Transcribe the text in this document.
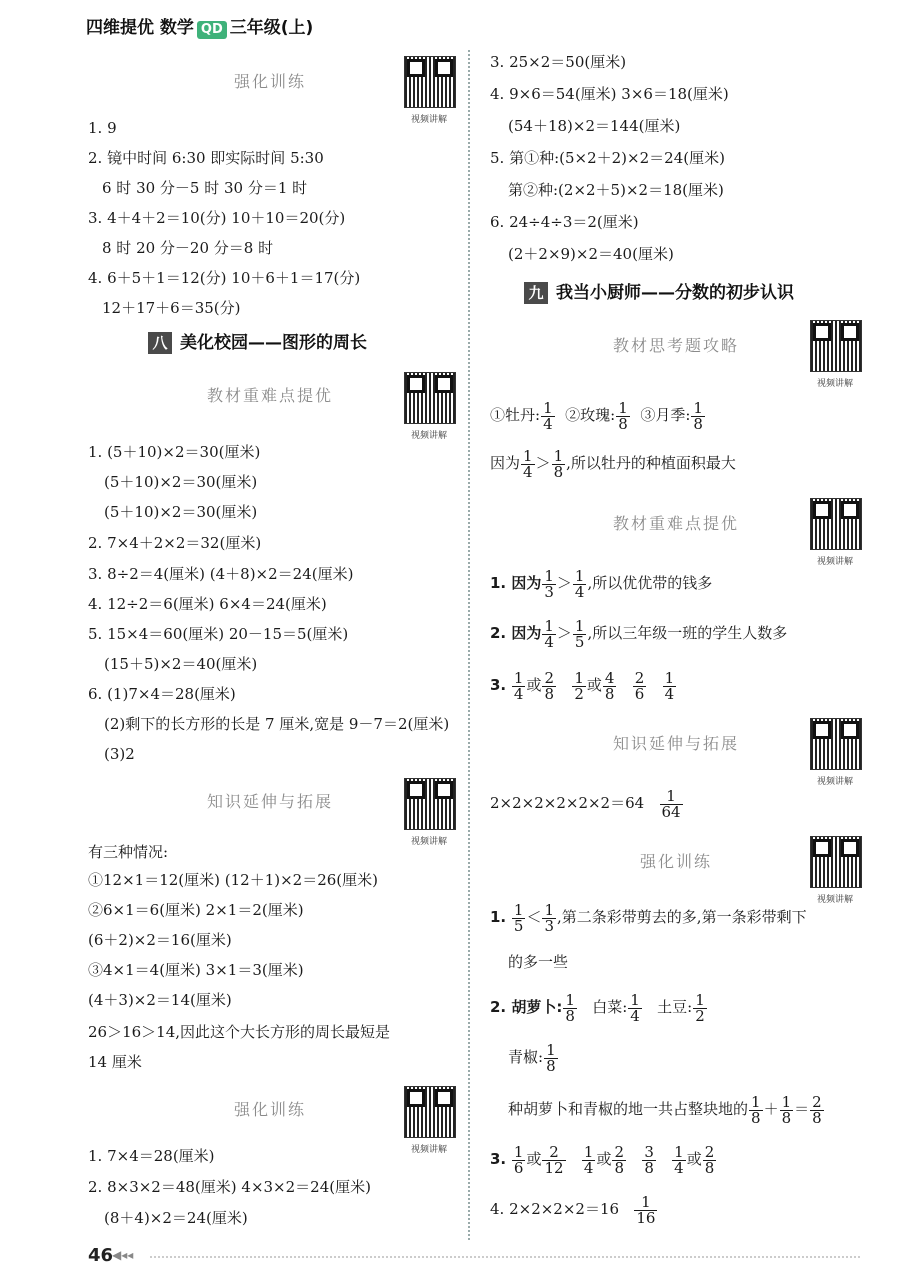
四维提优 数学 QD 三年级(上)
强化训练
视频讲解
1. 9
2. 镜中时间 6:30 即实际时间 5:30
6 时 30 分－5 时 30 分＝1 时
3. 4＋4＋2＝10(分) 10＋10＝20(分)
8 时 20 分－20 分＝8 时
4. 6＋5＋1＝12(分) 10＋6＋1＝17(分)
12＋17＋6＝35(分)
八 美化校园——图形的周长
教材重难点提优
视频讲解
1. (5＋10)×2＝30(厘米)
(5＋10)×2＝30(厘米)
(5＋10)×2＝30(厘米)
2. 7×4＋2×2＝32(厘米)
3. 8÷2＝4(厘米) (4＋8)×2＝24(厘米)
4. 12÷2＝6(厘米) 6×4＝24(厘米)
5. 15×4＝60(厘米) 20－15＝5(厘米)
(15＋5)×2＝40(厘米)
6. (1)7×4＝28(厘米)
(2)剩下的长方形的长是 7 厘米,宽是 9－7＝2(厘米)
(3)2
知识延伸与拓展
视频讲解
有三种情况:
①12×1＝12(厘米) (12＋1)×2＝26(厘米)
②6×1＝6(厘米) 2×1＝2(厘米)
(6＋2)×2＝16(厘米)
③4×1＝4(厘米) 3×1＝3(厘米)
(4＋3)×2＝14(厘米)
26＞16＞14,因此这个大长方形的周长最短是
14 厘米
强化训练
视频讲解
1. 7×4＝28(厘米)
2. 8×3×2＝48(厘米) 4×3×2＝24(厘米)
(8＋4)×2＝24(厘米)
3. 25×2＝50(厘米)
4. 9×6＝54(厘米) 3×6＝18(厘米)
(54＋18)×2＝144(厘米)
5. 第①种:(5×2＋2)×2＝24(厘米)
第②种:(2×2＋5)×2＝18(厘米)
6. 24÷4÷3＝2(厘米)
(2＋2×9)×2＝40(厘米)
九 我当小厨师——分数的初步认识
教材思考题攻略
视频讲解
①牡丹: $\frac{1}{4}$ ②玫瑰: $\frac{1}{8}$ ③月季: $\frac{1}{8}$
因为 $\frac{1}{4} > \frac{1}{8}$ ,所以牡丹的种植面积最大
教材重难点提优
视频讲解
1. 因为 $\frac{1}{3} > \frac{1}{4}$ ,所以优优带的钱多
2. 因为 $\frac{1}{4} > \frac{1}{5}$ ,所以三年级一班的学生人数多
3. $\frac{1}{4}$ 或 $\frac{2}{8}$
$\frac{1}{2}$ 或 $\frac{4}{8}$
$\frac{2}{6}$
$\frac{1}{4}$
知识延伸与拓展
视频讲解
$2\times 2\times 2\times 2\times 2\times 2=64 \frac{1}{64}$
强化训练
视频讲解
1. $\frac{1}{5} < \frac{1}{3}$ ,第二条彩带剪去的多,第一条彩带剩下
的多一些
2. 胡萝卜: $\frac{1}{8}$ 白菜: $\frac{1}{4}$ 土豆: $\frac{1}{2}$
青椒: $\frac{1}{8}$
种胡萝卜和青椒的地一共占整块地的 $\frac{1}{8} + \frac{1}{8} = \frac{2}{8}$
3. $\frac{1}{6}$ 或 $\frac{2}{12}$
$\frac{1}{4}$ 或 $\frac{2}{8}$
$\frac{3}{8}$
$\frac{1}{4}$ 或 $\frac{2}{8}$
4. $2\times 2\times 2\times 2=16 \frac{1}{16}$
46
◀◂◂
